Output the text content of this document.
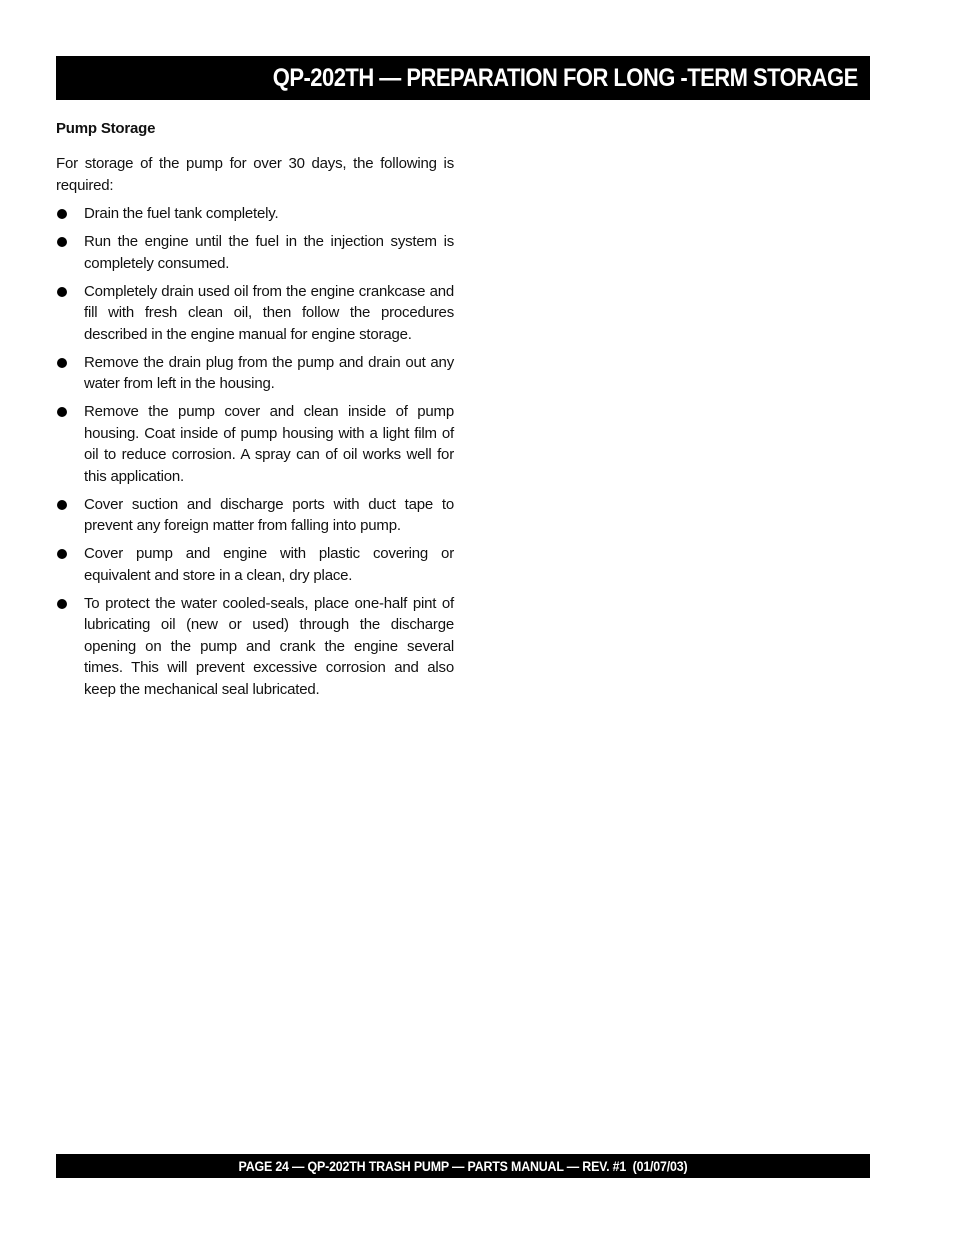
QP-202TH — PREPARATION FOR LONG -TERM STORAGE
Pump Storage

For storage of the pump for over 30 days, the following is required:

Drain the fuel tank completely.
Run the engine until the fuel in the injection system is completely consumed.
Completely drain used oil from the engine crankcase and fill with fresh clean oil, then follow the procedures described in the engine manual for engine storage.
Remove the drain plug from the pump and drain out any water from left in the housing.
Remove the pump cover and clean inside of pump housing. Coat inside of pump housing with a light film of oil to reduce corrosion. A spray can of oil works well for this application.
Cover suction and discharge ports with duct tape to prevent any foreign matter from falling into pump.
Cover pump and engine with plastic covering or equivalent and store in a clean, dry place.
To protect the water cooled-seals, place one-half pint of lubricating oil (new or used) through the discharge opening on the pump and crank the engine several times. This will prevent excessive corrosion and also keep the mechanical seal lubricated.
PAGE 24 — QP-202TH TRASH PUMP — PARTS MANUAL — REV. #1  (01/07/03)
